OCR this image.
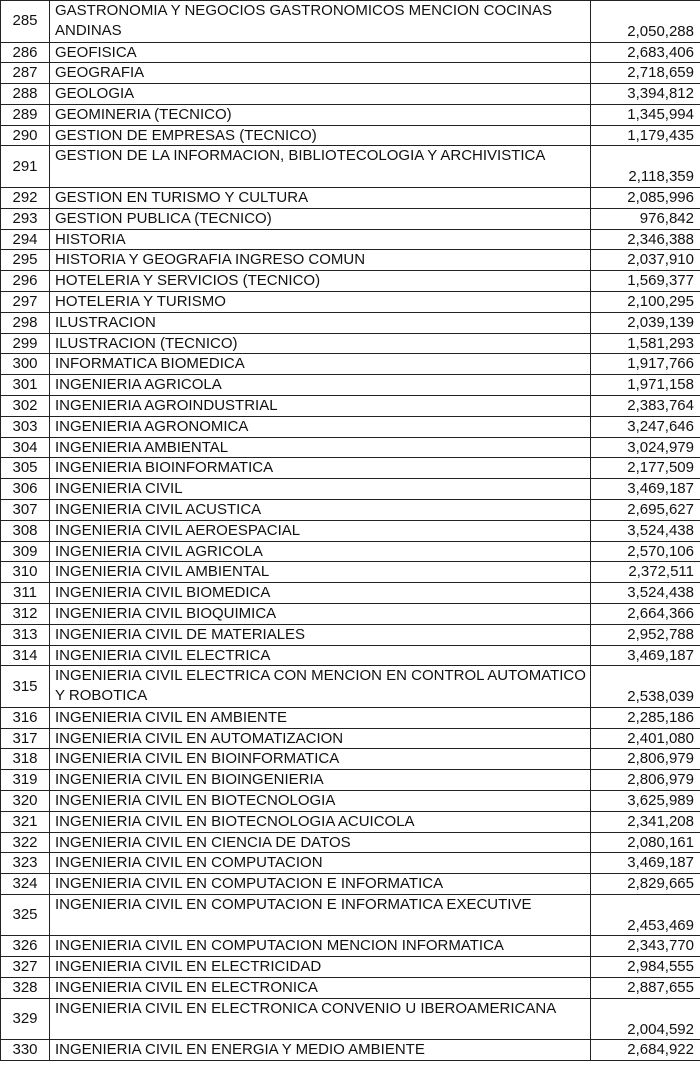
285	GASTRONOMIA Y NEGOCIOS GASTRONOMICOS MENCION COCINAS ANDINAS	2,050,288
286	GEOFISICA	2,683,406
287	GEOGRAFIA	2,718,659
288	GEOLOGIA	3,394,812
289	GEOMINERIA (TECNICO)	1,345,994
290	GESTION DE EMPRESAS (TECNICO)	1,179,435
291	GESTION DE LA INFORMACION, BIBLIOTECOLOGIA Y ARCHIVISTICA	2,118,359
292	GESTION EN TURISMO Y CULTURA	2,085,996
293	GESTION PUBLICA (TECNICO)	976,842
294	HISTORIA	2,346,388
295	HISTORIA Y GEOGRAFIA INGRESO COMUN	2,037,910
296	HOTELERIA Y SERVICIOS (TECNICO)	1,569,377
297	HOTELERIA Y TURISMO	2,100,295
298	ILUSTRACION	2,039,139
299	ILUSTRACION (TECNICO)	1,581,293
300	INFORMATICA BIOMEDICA	1,917,766
301	INGENIERIA AGRICOLA	1,971,158
302	INGENIERIA AGROINDUSTRIAL	2,383,764
303	INGENIERIA AGRONOMICA	3,247,646
304	INGENIERIA AMBIENTAL	3,024,979
305	INGENIERIA BIOINFORMATICA	2,177,509
306	INGENIERIA CIVIL	3,469,187
307	INGENIERIA CIVIL ACUSTICA	2,695,627
308	INGENIERIA CIVIL AEROESPACIAL	3,524,438
309	INGENIERIA CIVIL AGRICOLA	2,570,106
310	INGENIERIA CIVIL AMBIENTAL	2,372,511
311	INGENIERIA CIVIL BIOMEDICA	3,524,438
312	INGENIERIA CIVIL BIOQUIMICA	2,664,366
313	INGENIERIA CIVIL DE MATERIALES	2,952,788
314	INGENIERIA CIVIL ELECTRICA	3,469,187
315	INGENIERIA CIVIL ELECTRICA CON MENCION EN CONTROL AUTOMATICO Y ROBOTICA	2,538,039
316	INGENIERIA CIVIL EN AMBIENTE	2,285,186
317	INGENIERIA CIVIL EN AUTOMATIZACION	2,401,080
318	INGENIERIA CIVIL EN BIOINFORMATICA	2,806,979
319	INGENIERIA CIVIL EN BIOINGENIERIA	2,806,979
320	INGENIERIA CIVIL EN BIOTECNOLOGIA	3,625,989
321	INGENIERIA CIVIL EN BIOTECNOLOGIA ACUICOLA	2,341,208
322	INGENIERIA CIVIL EN CIENCIA DE DATOS	2,080,161
323	INGENIERIA CIVIL EN COMPUTACION	3,469,187
324	INGENIERIA CIVIL EN COMPUTACION E INFORMATICA	2,829,665
325	INGENIERIA CIVIL EN COMPUTACION E INFORMATICA EXECUTIVE	2,453,469
326	INGENIERIA CIVIL EN COMPUTACION MENCION INFORMATICA	2,343,770
327	INGENIERIA CIVIL EN ELECTRICIDAD	2,984,555
328	INGENIERIA CIVIL EN ELECTRONICA	2,887,655
329	INGENIERIA CIVIL EN ELECTRONICA CONVENIO U IBEROAMERICANA	2,004,592
330	INGENIERIA CIVIL EN ENERGIA Y MEDIO AMBIENTE	2,684,922
